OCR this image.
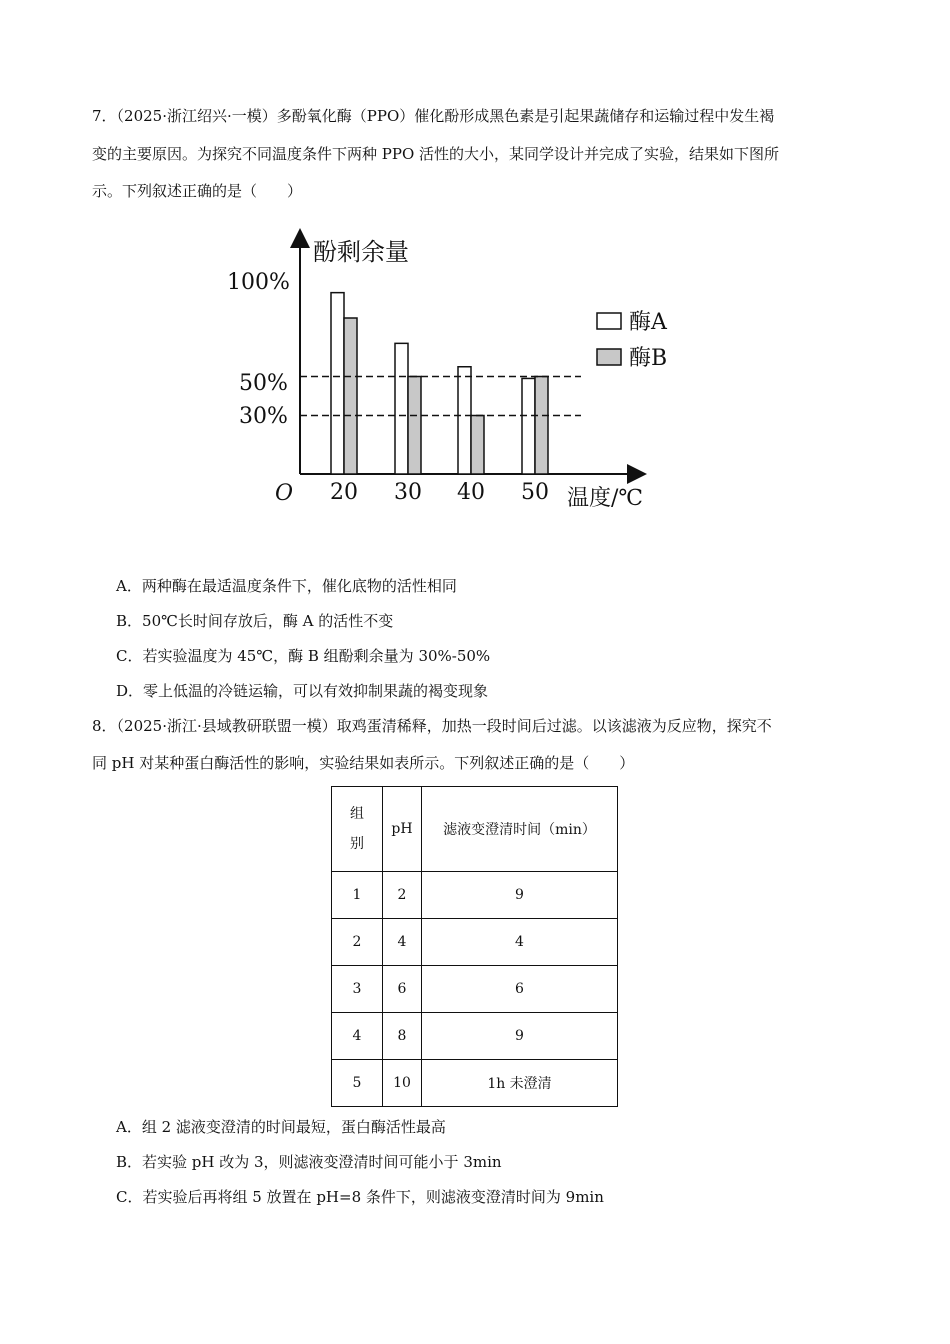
7．（2025·浙江绍兴·一模）多酚氧化酶（PPO）催化酚形成黑色素是引起果蔬储存和运输过程中发生褐
变的主要原因。为探究不同温度条件下两种 PPO 活性的大小，某同学设计并完成了实验，结果如下图所
示。下列叙述正确的是（　　）
酚剩余量
温度/℃
O
100%
50%
30%
20 30 40 50
酶A
酶B
A．两种酶在最适温度条件下，催化底物的活性相同
B．50℃长时间存放后，酶 A 的活性不变
C．若实验温度为 45℃，酶 B 组酚剩余量为 30%-50%
D．零上低温的冷链运输，可以有效抑制果蔬的褐变现象
8．（2025·浙江·县域教研联盟一模）取鸡蛋清稀释，加热一段时间后过滤。以该滤液为反应物，探究不
同 pH 对某种蛋白酶活性的影响，实验结果如表所示。下列叙述正确的是（　　）
组
别	pH	滤液变澄清时间（min）
1	2	9
2	4	4
3	6	6
4	8	9
5	10	1h 未澄清
A．组 2 滤液变澄清的时间最短，蛋白酶活性最高
B．若实验 pH 改为 3，则滤液变澄清时间可能小于 3min
C．若实验后再将组 5 放置在 pH=8 条件下，则滤液变澄清时间为 9min
